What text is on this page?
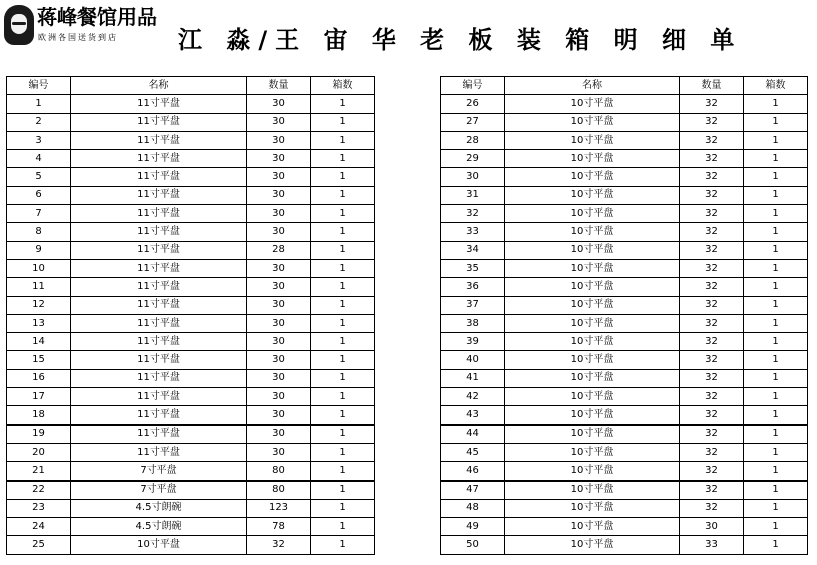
蒋峰餐馆用品
欧洲各国送货到店	江 淼/王 宙 华 老 板 装 箱 明 细 单
编号	名称	数量	箱数
1	11寸平盘	30	1
2	11寸平盘	30	1
3	11寸平盘	30	1
4	11寸平盘	30	1
5	11寸平盘	30	1
6	11寸平盘	30	1
7	11寸平盘	30	1
8	11寸平盘	30	1
9	11寸平盘	28	1
10	11寸平盘	30	1
11	11寸平盘	30	1
12	11寸平盘	30	1
13	11寸平盘	30	1
14	11寸平盘	30	1
15	11寸平盘	30	1
16	11寸平盘	30	1
17	11寸平盘	30	1
18	11寸平盘	30	1
19	11寸平盘	30	1
20	11寸平盘	30	1
21	7寸平盘	80	1
22	7寸平盘	80	1
23	4.5寸朗碗	123	1
24	4.5寸朗碗	78	1
25	10寸平盘	32	1
编号	名称	数量	箱数
26	10寸平盘	32	1
27	10寸平盘	32	1
28	10寸平盘	32	1
29	10寸平盘	32	1
30	10寸平盘	32	1
31	10寸平盘	32	1
32	10寸平盘	32	1
33	10寸平盘	32	1
34	10寸平盘	32	1
35	10寸平盘	32	1
36	10寸平盘	32	1
37	10寸平盘	32	1
38	10寸平盘	32	1
39	10寸平盘	32	1
40	10寸平盘	32	1
41	10寸平盘	32	1
42	10寸平盘	32	1
43	10寸平盘	32	1
44	10寸平盘	32	1
45	10寸平盘	32	1
46	10寸平盘	32	1
47	10寸平盘	32	1
48	10寸平盘	32	1
49	10寸平盘	30	1
50	10寸平盘	33	1
